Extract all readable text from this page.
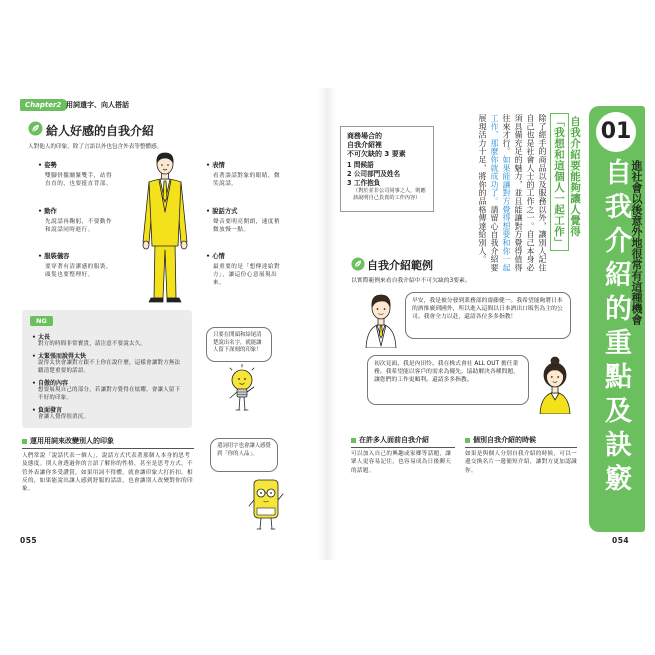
Chapter2 用詞遣字、向人搭話
給人好感的自我介紹
人對他人的印象，除了言語以外也包含外表等整體感。
• 姿勢
雙腳併攏繃緊雙手，站得直直的，也要挺直背部。
• 動作
先說話再鞠躬，不要動作和說話同時進行。
• 服裝儀容
要穿著有清潔感的服裝，頭髮也要整理好。
• 表情
看著談話對象的眼睛，微笑說話。
• 說話方式
聲音要明亮開朗，速度稍微放慢一點。
• 心情
最重要的是「想傳達給對方」，讓這份心意展現出來。
NG
• 太長
對方的時間非常寶貴，請注意不要說太久。
• 太緊張而說得太快
說得太快會讓對方跟不上你在說什麼，這樣會讓對方無法聽清楚重要的話語。
• 自傲的內容
想要展現自己的部分，若讓對方覺得在炫耀，會讓人留下不好的印象。
• 負面發言
會讓人覺得很消沉。
只要在開頭和結尾清楚說出名字，就能讓人留下深刻的印象！
運用用詞來改變別人的印象
人們常說「說話代表一個人」，說話方式代表著那個人本身的思考及態度。別人會透過你的言語了解你的性格，甚至是思考方式。不管外表讓你多受讚賞，如果用詞不得體，就會讓印象大打折扣。相反的，如果能說出讓人感到舒服的話語，也會讓別人改變對你的印象。
遣詞用字也會讓人感覺到「你的人品」。
055
商務場合的
自我介紹裡
不可欠缺的 3 要素
1 問候語
2 公司部門及姓名
3 工作抱負
（對於並非公司同事之人，則應該說明自己負責的工作內容）	除了經手的商品以及服務以外，讓別人記住自己也是社會人士的工作之一。自己本身必須具備充足的魅力，並且能讓對方覺得值得往來才行。如果能讓對方覺得想要和你一起工作，那麼你就成功了。請留心自我介紹要展現活力十足，將你的品格傳達給別人。	自我介紹要能夠讓人覺得
「我想和這個人一起工作」 01
進社會以後意外地很常有這種機會
自我介紹的重點及訣竅
自我介紹範例
以實際範例來看自我介紹中不可欠缺的3要素。
早安，我是被分發到業務部的齋藤健一。我希望能夠將日本的酒推廣到國外，所以進入這間以日本酒出口販售為主的公司。我會全力以赴，還請各位多多指教！
初次見面，我是內田怜。我在株式會社 ALL OUT 擔任業務。我希望能以客戶的需求為優先，協助解決各種問題，讓您們的工作更順利。還請多多指教。
在許多人面前自我介紹
可以加入自己的興趣或家鄉等話題，讓眾人更容易記住，也容易成為日後聊天的話題。
個別自我介紹的時候
如果是與個人分別自我介紹的時候，可以一邊交換名片一邊簡短介紹，讓對方更加認識你。
054
